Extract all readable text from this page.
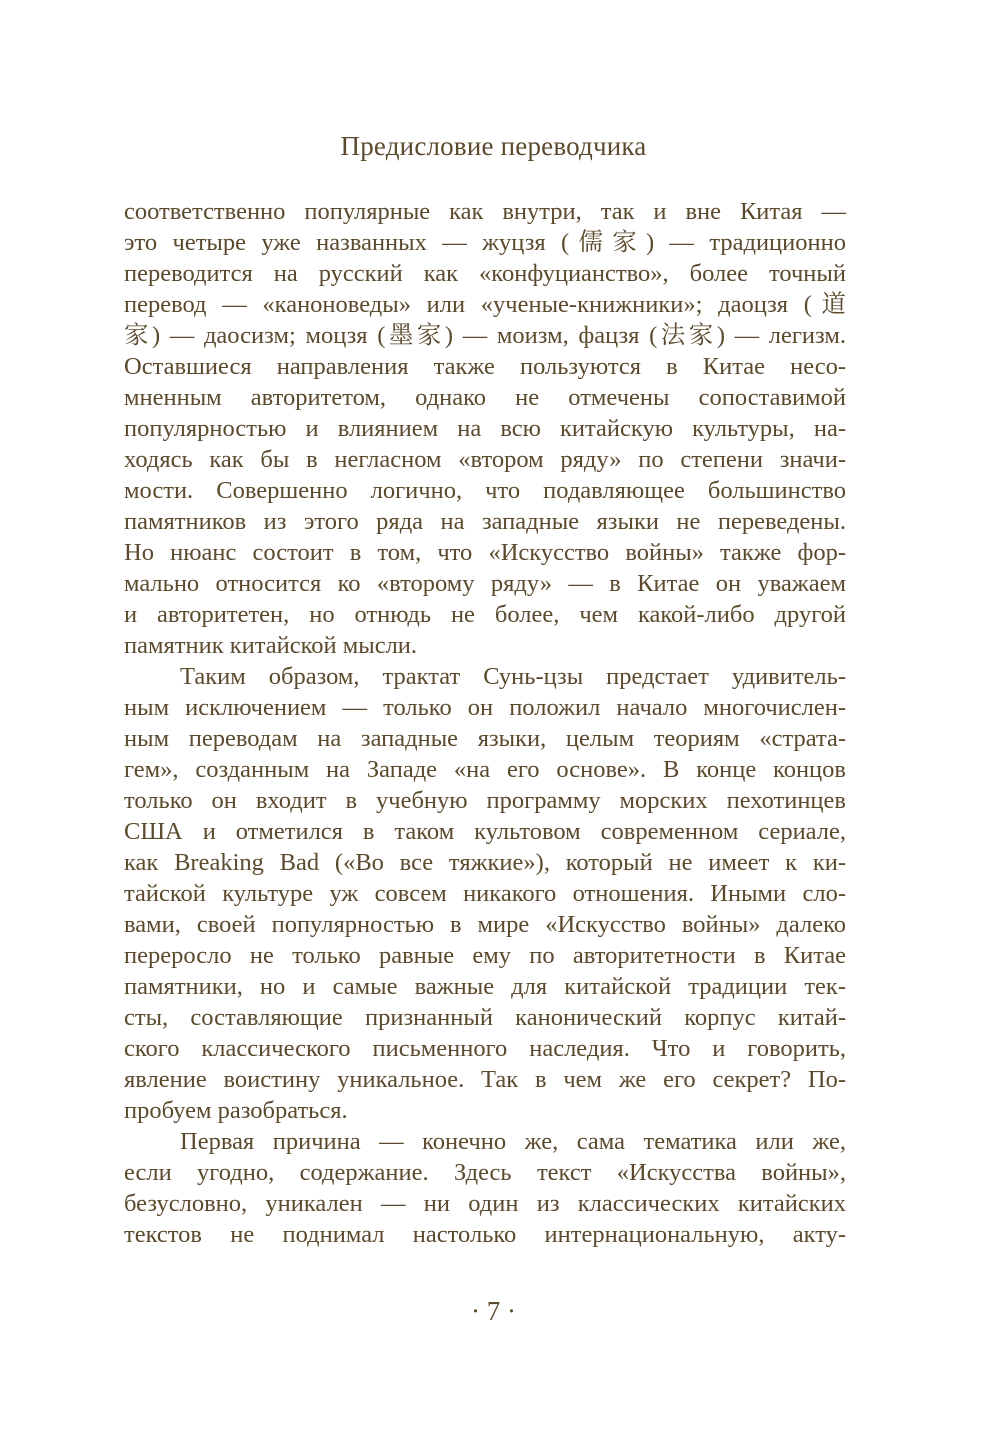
Предисловие переводчика
соответственно популярные как внутри, так и вне Китая —
это четыре уже названных — жуцзя (儒家) — традиционно
переводится на русский как «конфуцианство», более точный
перевод — «каноноведы» или «ученые-книжники»; даоцзя (道
家) — даосизм; моцзя (墨家) — моизм, фацзя (法家) — легизм.
Оставшиеся направления также пользуются в Китае несо-
мненным авторитетом, однако не отмечены сопоставимой
популярностью и влиянием на всю китайскую культуры, на-
ходясь как бы в негласном «втором ряду» по степени значи-
мости. Совершенно логично, что подавляющее большинство
памятников из этого ряда на западные языки не переведены.
Но нюанс состоит в том, что «Искусство войны» также фор-
мально относится ко «второму ряду» — в Китае он уважаем
и авторитетен, но отнюдь не более, чем какой-либо другой
памятник китайской мысли.
Таким образом, трактат Сунь-цзы предстает удивитель-
ным исключением — только он положил начало многочислен-
ным переводам на западные языки, целым теориям «страта-
гем», созданным на Западе «на его основе». В конце концов
только он входит в учебную программу морских пехотинцев
США и отметился в таком культовом современном сериале,
как Breaking Bad («Во все тяжкие»), который не имеет к ки-
тайской культуре уж совсем никакого отношения. Иными сло-
вами, своей популярностью в мире «Искусство войны» далеко
переросло не только равные ему по авторитетности в Китае
памятники, но и самые важные для китайской традиции тек-
сты, составляющие признанный канонический корпус китай-
ского классического письменного наследия. Что и говорить,
явление воистину уникальное. Так в чем же его секрет? По-
пробуем разобраться.
Первая причина — конечно же, сама тематика или же,
если угодно, содержание. Здесь текст «Искусства войны»,
безусловно, уникален — ни один из классических китайских
текстов не поднимал настолько интернациональную, акту-
· 7 ·
